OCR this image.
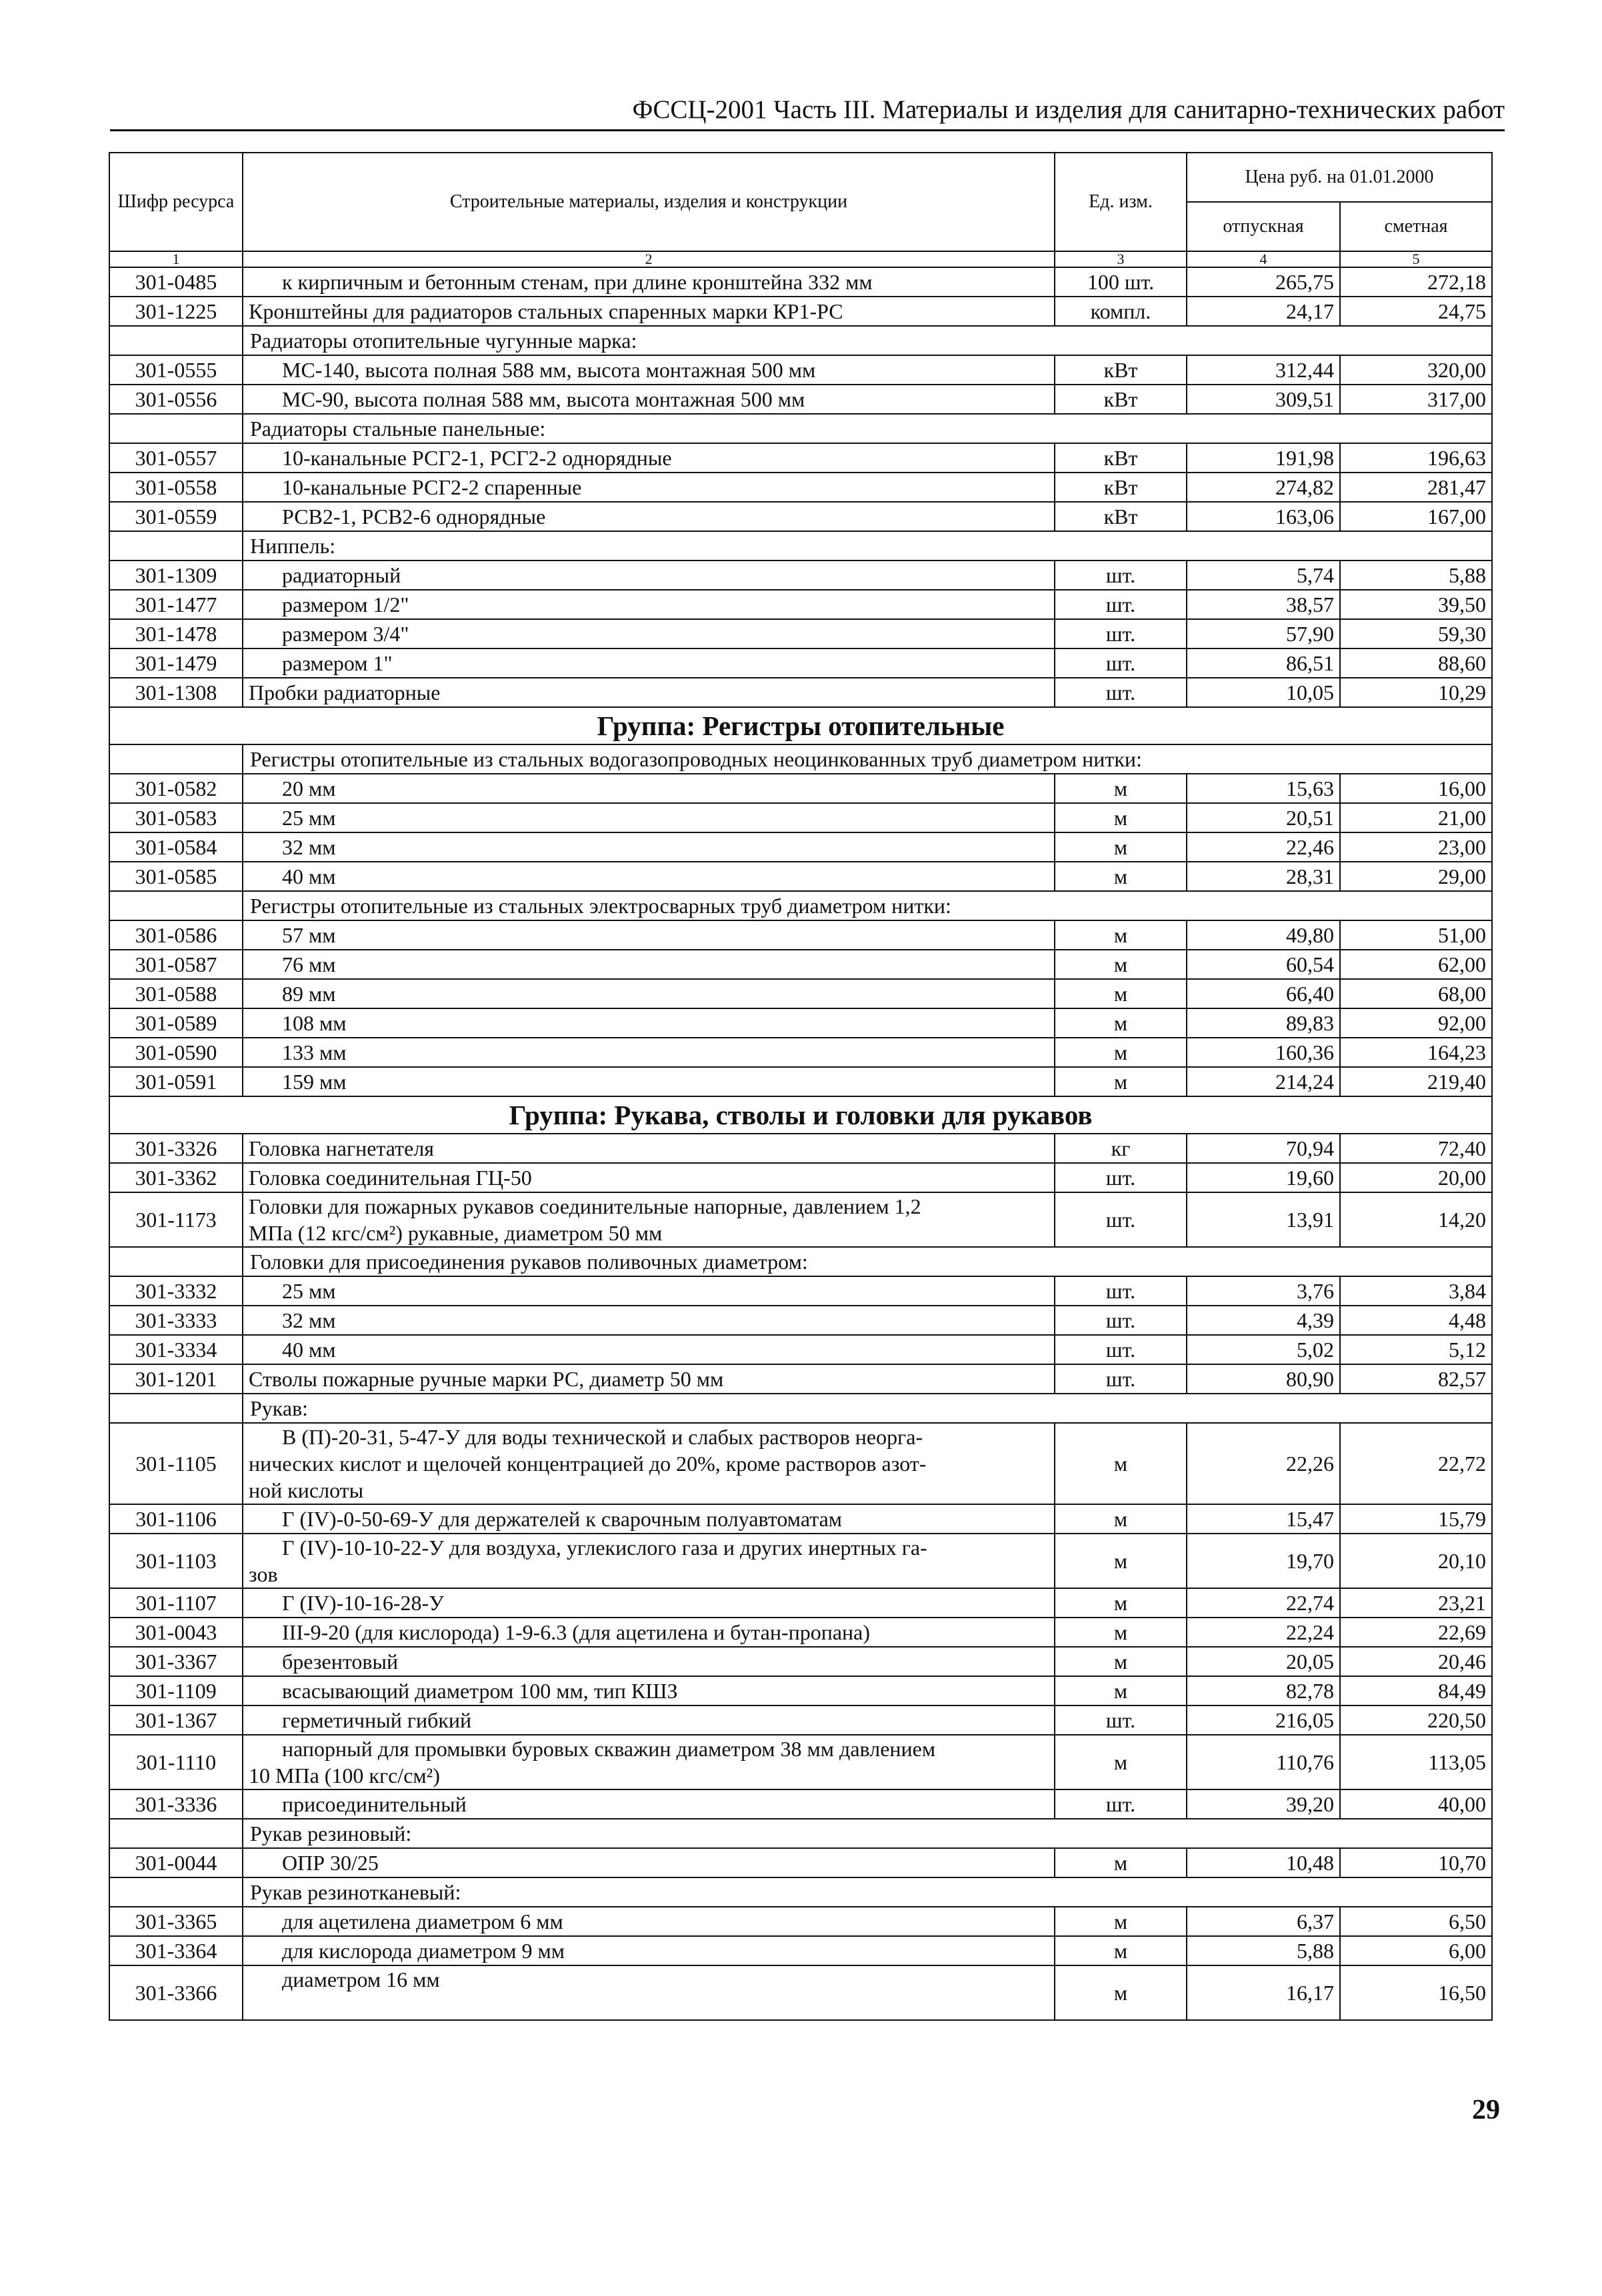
ФССЦ-2001 Часть III. Материалы и изделия для санитарно-технических работ
Шифр ресурса	Строительные материалы, изделия и конструкции	Ед. изм.	Цена руб. на 01.01.2000	
			отпускная	сметная
1	2	3	4	5
301-0485	к кирпичным и бетонным стенам, при длине кронштейна 332 мм	100 шт.	265,75	272,18
301-1225	Кронштейны для радиаторов стальных спаренных марки КР1-РС	компл.	24,17	24,75
	Радиаторы отопительные чугунные марка:			
301-0555	МС-140, высота полная 588 мм, высота монтажная 500 мм	кВт	312,44	320,00
301-0556	МС-90, высота полная 588 мм, высота монтажная 500 мм	кВт	309,51	317,00
	Радиаторы стальные панельные:			
301-0557	10-канальные РСГ2-1, РСГ2-2 однорядные	кВт	191,98	196,63
301-0558	10-канальные РСГ2-2 спаренные	кВт	274,82	281,47
301-0559	РСВ2-1, РСВ2-6 однорядные	кВт	163,06	167,00
	Ниппель:			
301-1309	радиаторный	шт.	5,74	5,88
301-1477	размером 1/2"	шт.	38,57	39,50
301-1478	размером 3/4"	шт.	57,90	59,30
301-1479	размером 1"	шт.	86,51	88,60
301-1308	Пробки радиаторные	шт.	10,05	10,29
Группа: Регистры отопительные				
	Регистры отопительные из стальных водогазопроводных неоцинкованных труб диаметром нитки:			
301-0582	20 мм	м	15,63	16,00
301-0583	25 мм	м	20,51	21,00
301-0584	32 мм	м	22,46	23,00
301-0585	40 мм	м	28,31	29,00
	Регистры отопительные из стальных электросварных труб диаметром нитки:			
301-0586	57 мм	м	49,80	51,00
301-0587	76 мм	м	60,54	62,00
301-0588	89 мм	м	66,40	68,00
301-0589	108 мм	м	89,83	92,00
301-0590	133 мм	м	160,36	164,23
301-0591	159 мм	м	214,24	219,40
Группа: Рукава, стволы и головки для рукавов				
301-3326	Головка нагнетателя	кг	70,94	72,40
301-3362	Головка соединительная ГЦ-50	шт.	19,60	20,00
301-1173	Головки для пожарных рукавов соединительные напорные, давлением 1,2
МПа (12 кгс/см²) рукавные, диаметром 50 мм	шт.	13,91	14,20
	Головки для присоединения рукавов поливочных диаметром:			
301-3332	25 мм	шт.	3,76	3,84
301-3333	32 мм	шт.	4,39	4,48
301-3334	40 мм	шт.	5,02	5,12
301-1201	Стволы пожарные ручные марки РС, диаметр 50 мм	шт.	80,90	82,57
	Рукав:			
301-1105	В (П)-20-31, 5-47-У для воды технической и слабых растворов неорга-
нических кислот и щелочей концентрацией до 20%, кроме растворов азот-
ной кислоты	м	22,26	22,72
301-1106	Г (IV)-0-50-69-У для держателей к сварочным полуавтоматам	м	15,47	15,79
301-1103	Г (IV)-10-10-22-У для воздуха, углекислого газа и других инертных га-
зов	м	19,70	20,10
301-1107	Г (IV)-10-16-28-У	м	22,74	23,21
301-0043	III-9-20 (для кислорода) 1-9-6.3 (для ацетилена и бутан-пропана)	м	22,24	22,69
301-3367	брезентовый	м	20,05	20,46
301-1109	всасывающий диаметром 100 мм, тип КШЗ	м	82,78	84,49
301-1367	герметичный гибкий	шт.	216,05	220,50
301-1110	напорный для промывки буровых скважин диаметром 38 мм давлением
10 МПа (100 кгс/см²)	м	110,76	113,05
301-3336	присоединительный	шт.	39,20	40,00
	Рукав резиновый:			
301-0044	ОПР 30/25	м	10,48	10,70
	Рукав резинотканевый:			
301-3365	для ацетилена диаметром 6 мм	м	6,37	6,50
301-3364	для кислорода диаметром 9 мм	м	5,88	6,00
301-3366	диаметром 16 мм	м	16,17	16,50
29
